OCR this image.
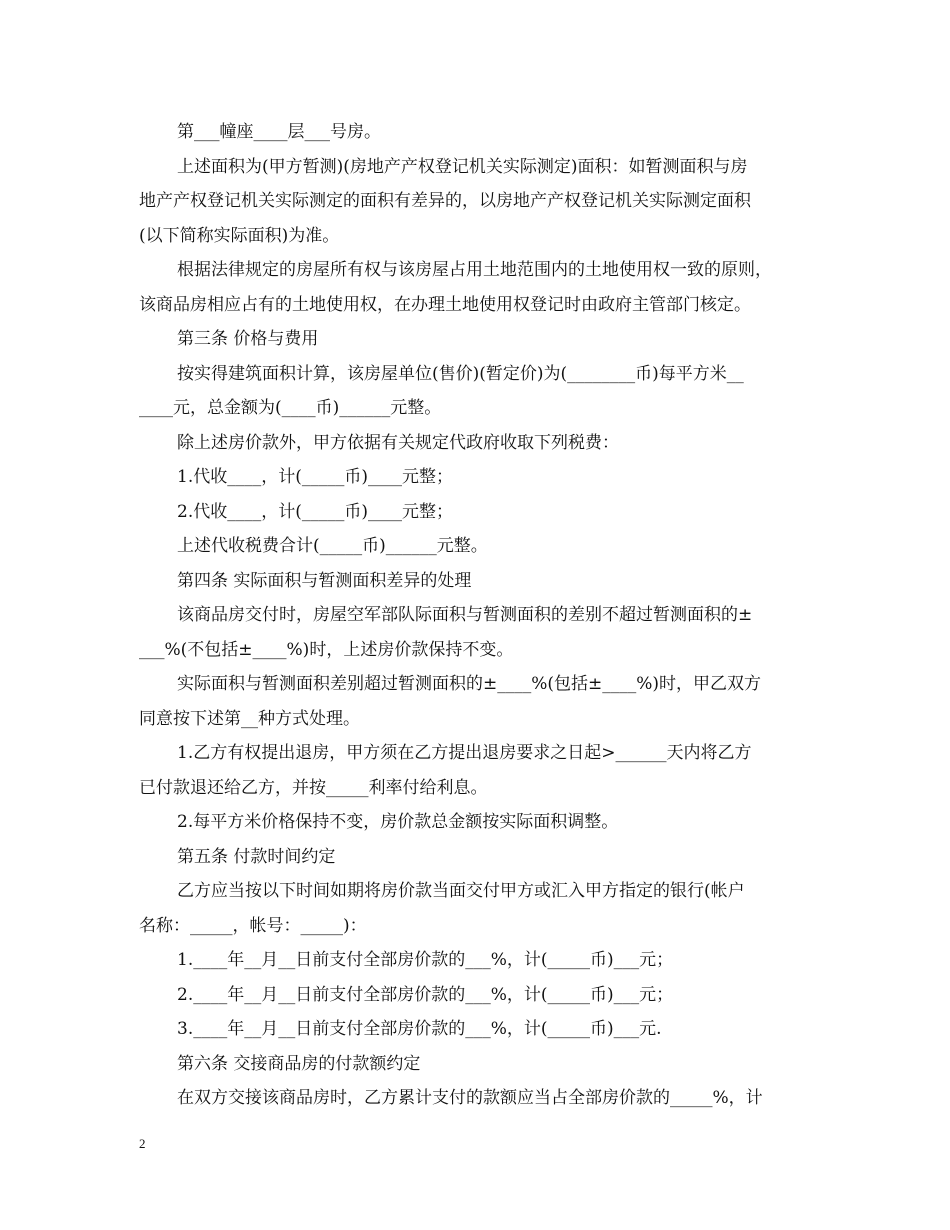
第___幢座____层___号房。
上述面积为(甲方暂测)(房地产产权登记机关实际测定)面积：如暂测面积与房
地产产权登记机关实际测定的面积有差异的，以房地产产权登记机关实际测定面积
(以下简称实际面积)为准。
根据法律规定的房屋所有权与该房屋占用土地范围内的土地使用权一致的原则，
该商品房相应占有的土地使用权，在办理土地使用权登记时由政府主管部门核定。
第三条 价格与费用
按实得建筑面积计算，该房屋单位(售价)(暂定价)为(________币)每平方米__
____元，总金额为(____币)______元整。
除上述房价款外，甲方依据有关规定代政府收取下列税费：
1.代收____，计(_____币)____元整；
2.代收____，计(_____币)____元整；
上述代收税费合计(_____币)______元整。
第四条 实际面积与暂测面积差异的处理
该商品房交付时，房屋空军部队际面积与暂测面积的差别不超过暂测面积的±
___%(不包括±____%)时，上述房价款保持不变。
实际面积与暂测面积差别超过暂测面积的±____%(包括±____%)时，甲乙双方
同意按下述第__种方式处理。
1.乙方有权提出退房，甲方须在乙方提出退房要求之日起>______天内将乙方
已付款退还给乙方，并按_____利率付给利息。
2.每平方米价格保持不变，房价款总金额按实际面积调整。
第五条 付款时间约定
乙方应当按以下时间如期将房价款当面交付甲方或汇入甲方指定的银行(帐户
名称：_____，帐号：_____)：
1.____年__月__日前支付全部房价款的___%，计(_____币)___元；
2.____年__月__日前支付全部房价款的___%，计(_____币)___元；
3.____年__月__日前支付全部房价款的___%，计(_____币)___元.
第六条 交接商品房的付款额约定
在双方交接该商品房时，乙方累计支付的款额应当占全部房价款的_____%，计
2
